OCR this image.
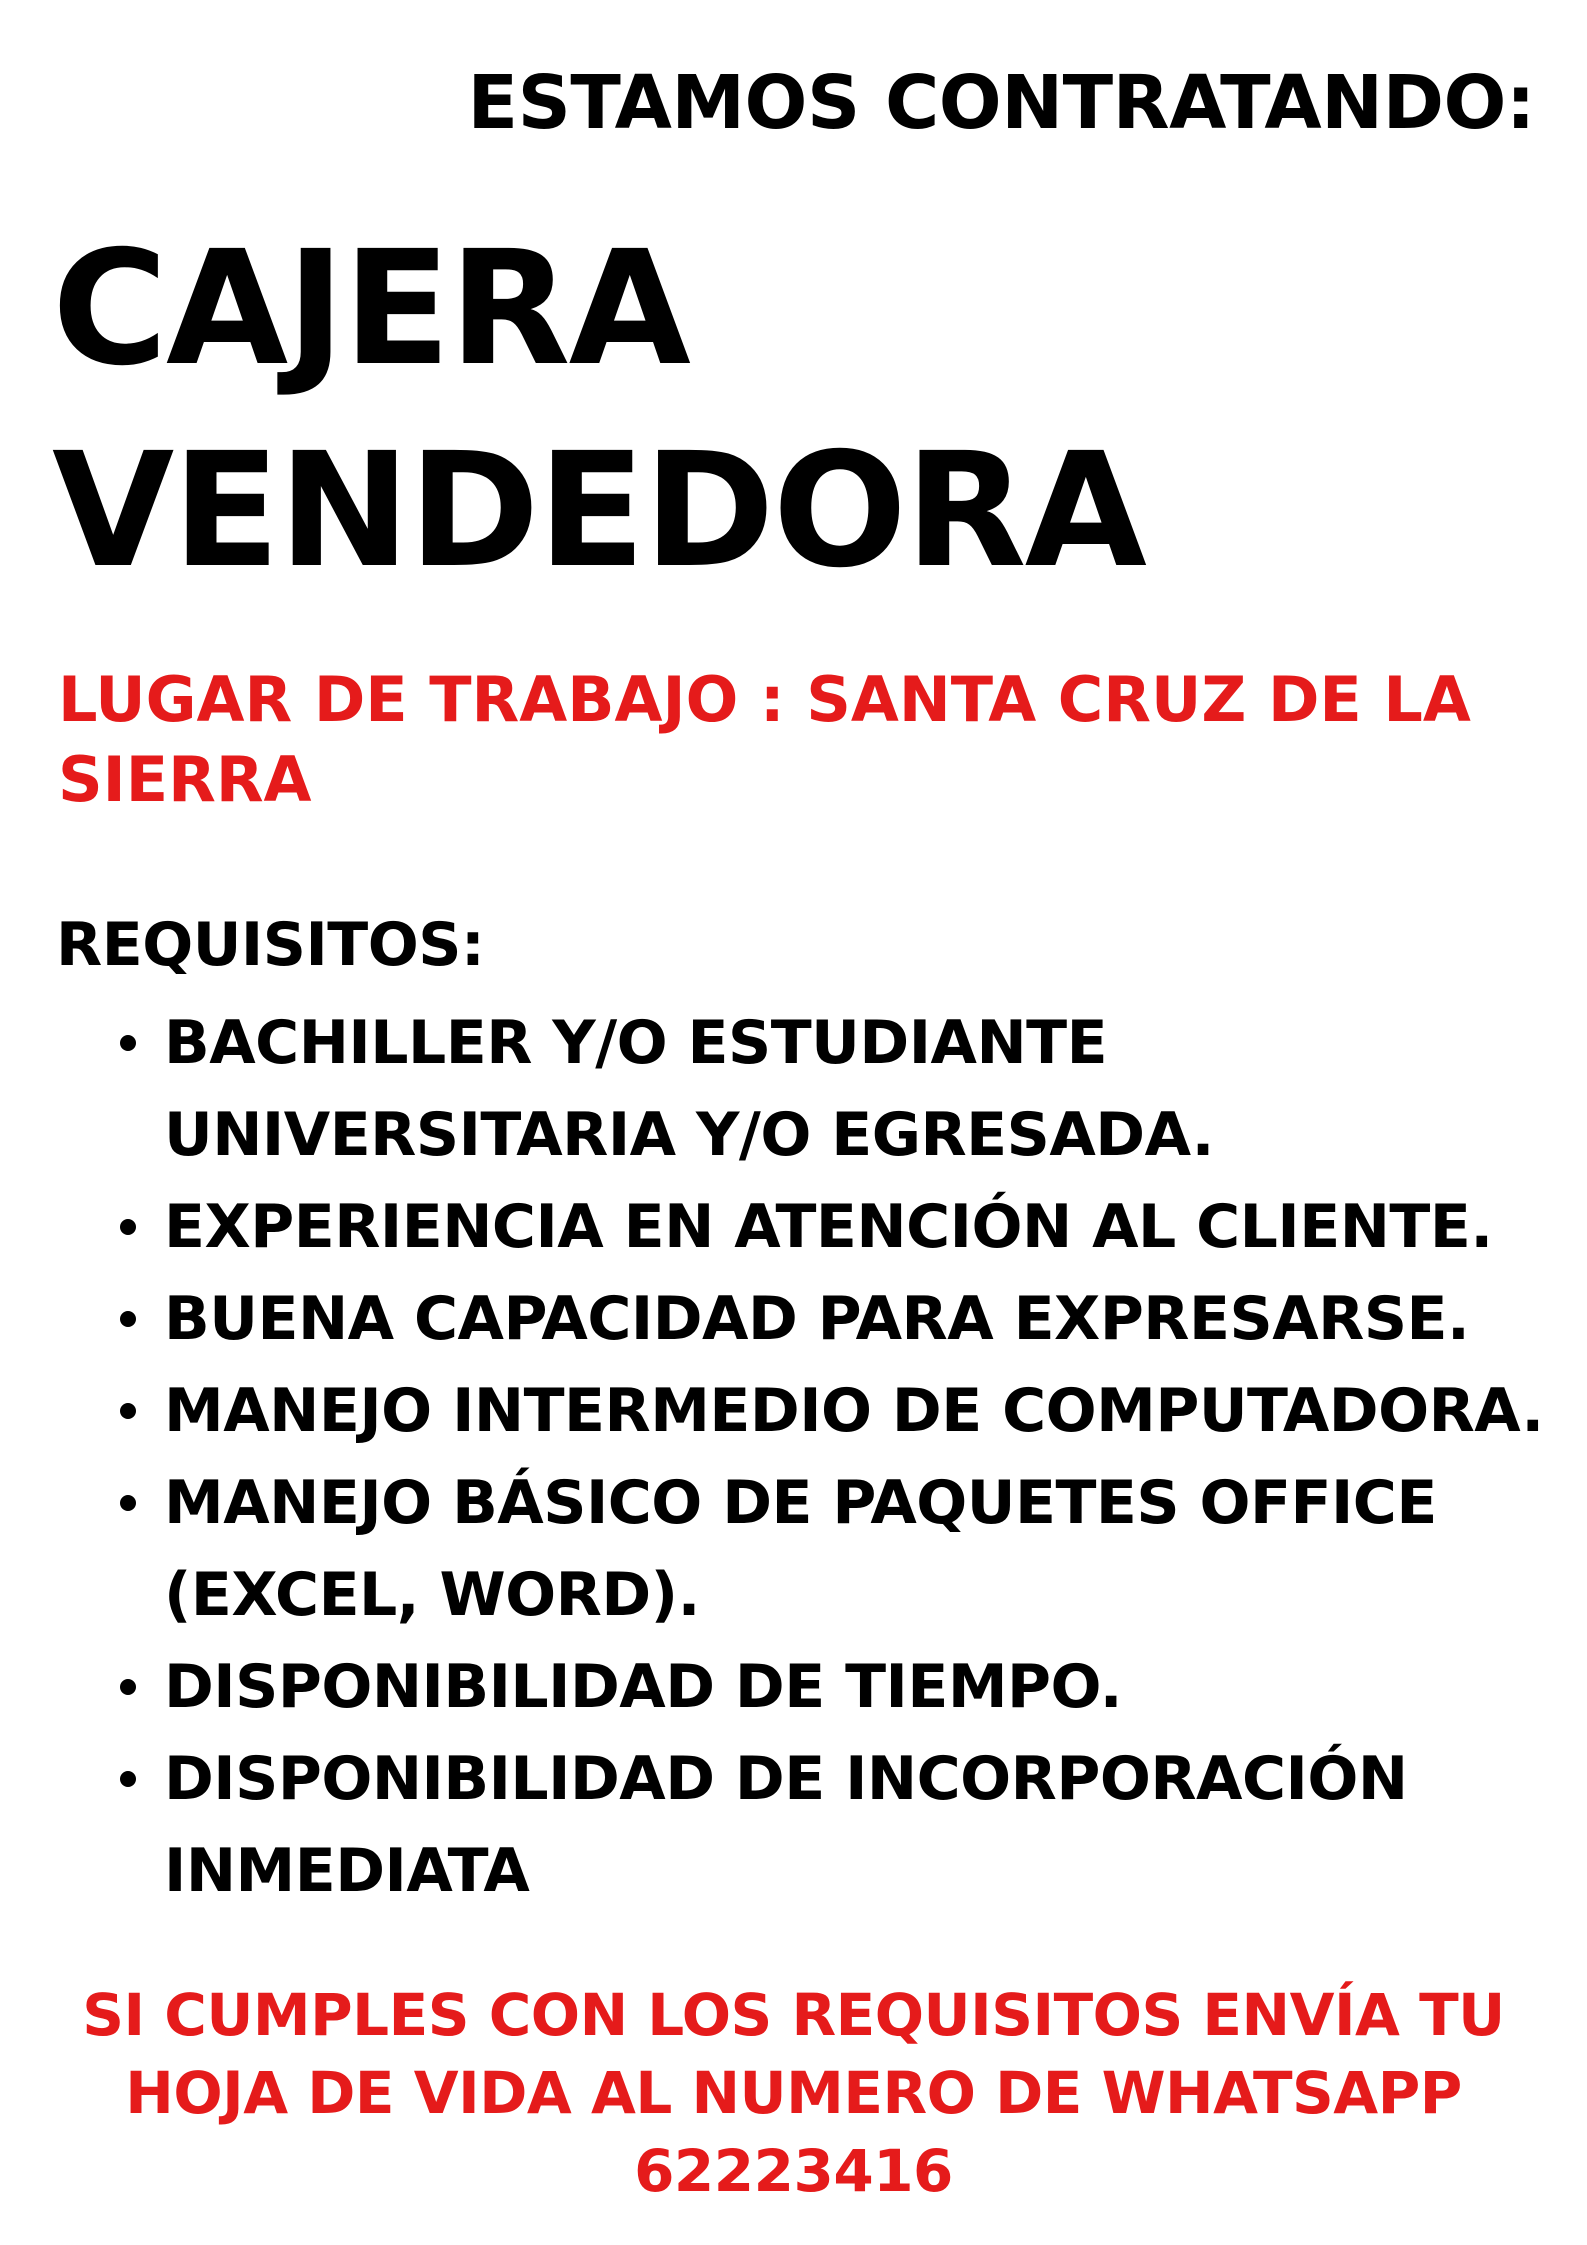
ESTAMOS CONTRATANDO:
CAJERA
VENDEDORA
LUGAR DE TRABAJO : SANTA CRUZ DE LA SIERRA
REQUISITOS:
BACHILLER Y/O ESTUDIANTE UNIVERSITARIA Y/O EGRESADA.
EXPERIENCIA EN ATENCIÓN AL CLIENTE.
BUENA CAPACIDAD PARA EXPRESARSE.
MANEJO INTERMEDIO DE COMPUTADORA.
MANEJO BÁSICO DE PAQUETES OFFICE (EXCEL, WORD).
DISPONIBILIDAD DE TIEMPO.
DISPONIBILIDAD DE INCORPORACIÓN INMEDIATA
SI CUMPLES CON LOS REQUISITOS ENVÍA TU
HOJA DE VIDA AL NUMERO DE WHATSAPP
62223416
